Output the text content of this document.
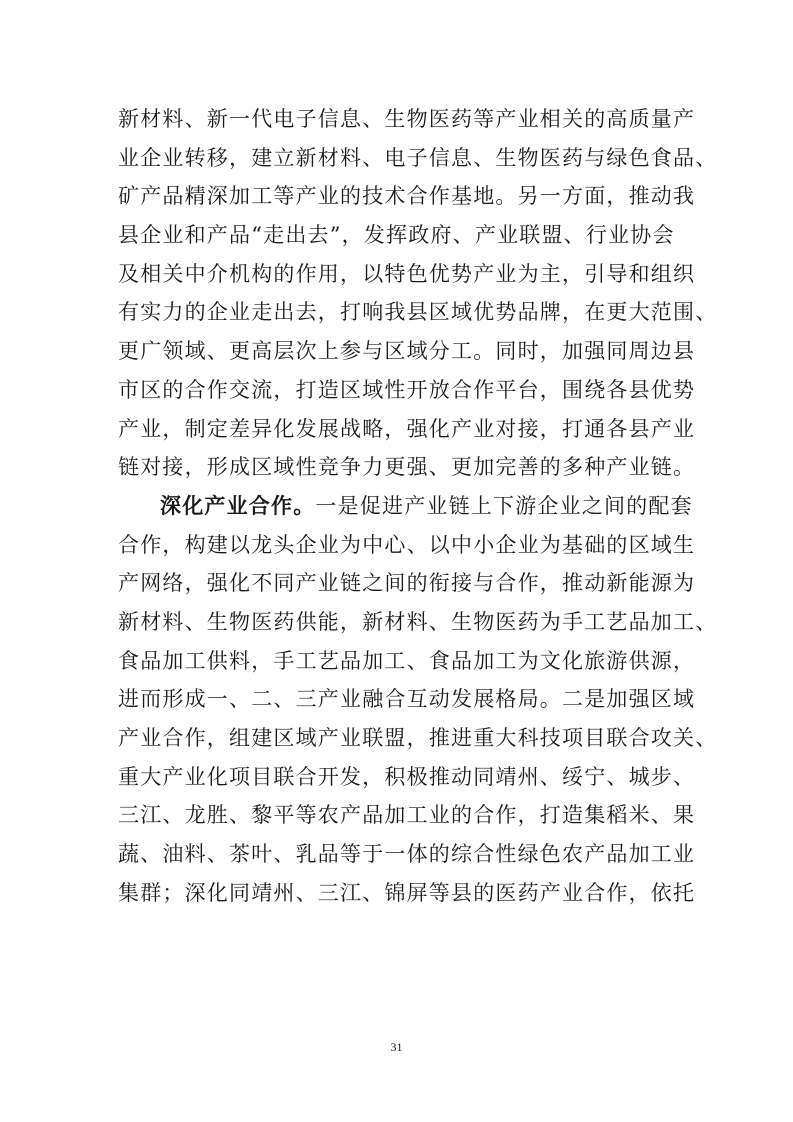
新材料、新一代电子信息、生物医药等产业相关的高质量产
业企业转移，建立新材料、电子信息、生物医药与绿色食品、
矿产品精深加工等产业的技术合作基地。另一方面，推动我
县企业和产品“走出去”，发挥政府、产业联盟、行业协会
及相关中介机构的作用，以特色优势产业为主，引导和组织
有实力的企业走出去，打响我县区域优势品牌，在更大范围、
更广领域、更高层次上参与区域分工。同时，加强同周边县
市区的合作交流，打造区域性开放合作平台，围绕各县优势
产业，制定差异化发展战略，强化产业对接，打通各县产业
链对接，形成区域性竞争力更强、更加完善的多种产业链。
深化产业合作。一是促进产业链上下游企业之间的配套
合作，构建以龙头企业为中心、以中小企业为基础的区域生
产网络，强化不同产业链之间的衔接与合作，推动新能源为
新材料、生物医药供能，新材料、生物医药为手工艺品加工、
食品加工供料，手工艺品加工、食品加工为文化旅游供源，
进而形成一、二、三产业融合互动发展格局。二是加强区域
产业合作，组建区域产业联盟，推进重大科技项目联合攻关、
重大产业化项目联合开发，积极推动同靖州、绥宁、城步、
三江、龙胜、黎平等农产品加工业的合作，打造集稻米、果
蔬、油料、茶叶、乳品等于一体的综合性绿色农产品加工业
集群；深化同靖州、三江、锦屏等县的医药产业合作，依托
31
